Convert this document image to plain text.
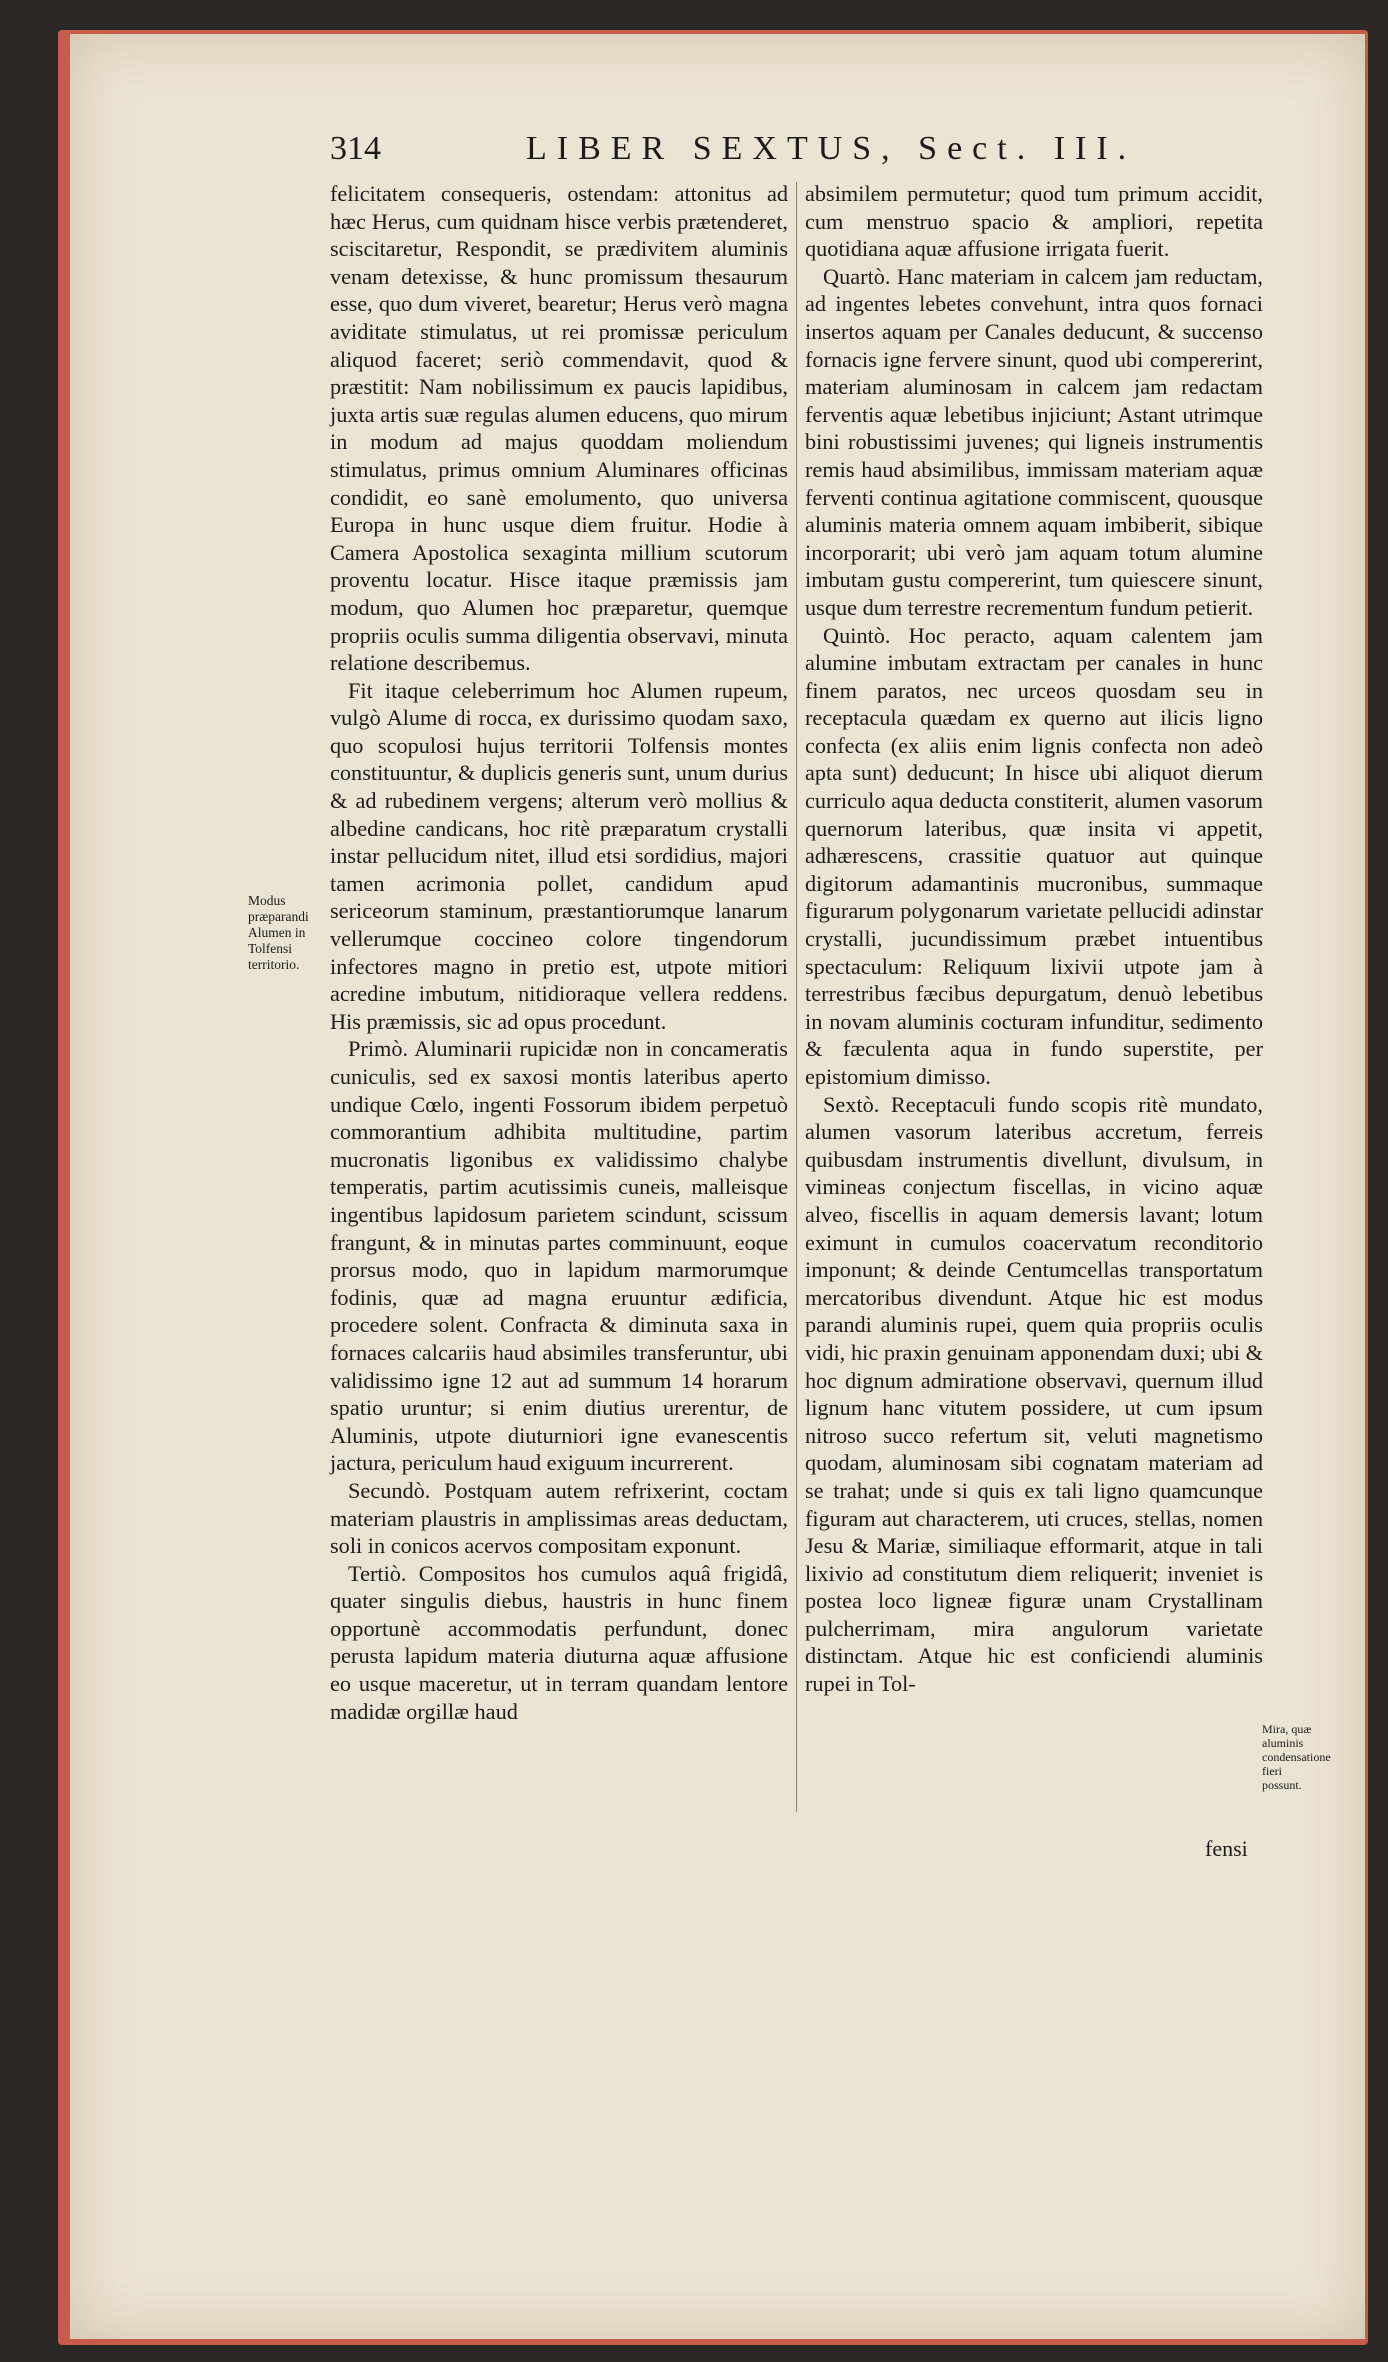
314	LIBER SEXTUS, Sect. III.

felicitatem consequeris, ostendam: attonitus ad hæc Herus, cum quidnam hisce verbis prætenderet, sciscitaretur, Respondit, se prædivitem aluminis venam detexisse, & hunc promissum thesaurum esse, quo dum viveret, bearetur; Herus verò magna aviditate stimulatus, ut rei promissæ periculum aliquod faceret; seriò commendavit, quod & præstitit: Nam nobilissimum ex paucis lapidibus, juxta artis suæ regulas alumen educens, quo mirum in modum ad majus quoddam moliendum stimulatus, primus omnium Aluminares officinas condidit, eo sanè emolumento, quo universa Europa in hunc usque diem fruitur. Hodie à Camera Apostolica sexaginta millium scutorum proventu locatur. Hisce itaque præmissis jam modum, quo Alumen hoc præparetur, quemque propriis oculis summa diligentia observavi, minuta relatione describemus.

Fit itaque celeberrimum hoc Alumen rupeum, vulgò Alume di rocca, ex durissimo quodam saxo, quo scopulosi hujus territorii Tolfensis montes constituuntur, & duplicis generis sunt, unum durius & ad rubedinem vergens; alterum verò mollius & albedine candicans, hoc ritè præparatum crystalli instar pellucidum nitet, illud etsi sordidius, majori tamen acrimonia pollet, candidum apud sericeorum staminum, præstantiorumque lanarum vellerumque coccineo colore tingendorum infectores magno in pretio est, utpote mitiori acredine imbutum, nitidioraque vellera reddens. His præmissis, sic ad opus procedunt.

Primò. Aluminarii rupicidæ non in concameratis cuniculis, sed ex saxosi montis lateribus aperto undique Cœlo, ingenti Fossorum ibidem perpetuò commorantium adhibita multitudine, partim mucronatis ligonibus ex validissimo chalybe temperatis, partim acutissimis cuneis, malleisque ingentibus lapidosum parietem scindunt, scissum frangunt, & in minutas partes comminuunt, eoque prorsus modo, quo in lapidum marmorumque fodinis, quæ ad magna eruuntur ædificia, procedere solent. Confracta & diminuta saxa in fornaces calcariis haud absimiles transferuntur, ubi validissimo igne 12 aut ad summum 14 horarum spatio uruntur; si enim diutius urerentur, de Aluminis, utpote diuturniori igne evanescentis jactura, periculum haud exiguum incurrerent.

Secundò. Postquam autem refrixerint, coctam materiam plaustris in amplissimas areas deductam, soli in conicos acervos compositam exponunt.

Tertiò. Compositos hos cumulos aquâ frigidâ, quater singulis diebus, haustris in hunc finem opportunè accommodatis perfundunt, donec perusta lapidum materia diuturna aquæ affusione eo usque maceretur, ut in terram quandam lentore madidæ orgillæ haud

absimilem permutetur; quod tum primum accidit, cum menstruo spacio & ampliori, repetita quotidiana aquæ affusione irrigata fuerit.

Quartò. Hanc materiam in calcem jam reductam, ad ingentes lebetes convehunt, intra quos fornaci insertos aquam per Canales deducunt, & succenso fornacis igne fervere sinunt, quod ubi compererint, materiam aluminosam in calcem jam redactam ferventis aquæ lebetibus injiciunt; Astant utrimque bini robustissimi juvenes; qui ligneis instrumentis remis haud absimilibus, immissam materiam aquæ ferventi continua agitatione commiscent, quousque aluminis materia omnem aquam imbiberit, sibique incorporarit; ubi verò jam aquam totum alumine imbutam gustu compererint, tum quiescere sinunt, usque dum terrestre recrementum fundum petierit.

Quintò. Hoc peracto, aquam calentem jam alumine imbutam extractam per canales in hunc finem paratos, nec urceos quosdam seu in receptacula quædam ex querno aut ilicis ligno confecta (ex aliis enim lignis confecta non adeò apta sunt) deducunt; In hisce ubi aliquot dierum curriculo aqua deducta constiterit, alumen vasorum quernorum lateribus, quæ insita vi appetit, adhærescens, crassitie quatuor aut quinque digitorum adamantinis mucronibus, summaque figurarum polygonarum varietate pellucidi adinstar crystalli, jucundissimum præbet intuentibus spectaculum: Reliquum lixivii utpote jam à terrestribus fæcibus depurgatum, denuò lebetibus in novam aluminis cocturam infunditur, sedimento & fæculenta aqua in fundo superstite, per epistomium dimisso.

Sextò. Receptaculi fundo scopis ritè mundato, alumen vasorum lateribus accretum, ferreis quibusdam instrumentis divellunt, divulsum, in vimineas conjectum fiscellas, in vicino aquæ alveo, fiscellis in aquam demersis lavant; lotum eximunt in cumulos coacervatum reconditorio imponunt; & deinde Centumcellas transportatum mercatoribus divendunt. Atque hic est modus parandi aluminis rupei, quem quia propriis oculis vidi, hic praxin genuinam apponendam duxi; ubi & hoc dignum admiratione observavi, quernum illud lignum hanc vitutem possidere, ut cum ipsum nitroso succo refertum sit, veluti magnetismo quodam, aluminosam sibi cognatam materiam ad se trahat; unde si quis ex tali ligno quamcunque figuram aut characterem, uti cruces, stellas, nomen Jesu & Mariæ, similiaque efformarit, atque in tali lixivio ad constitutum diem reliquerit; inveniet is postea loco ligneæ figuræ unam Crystallinam pulcherrimam, mira angulorum varietate distinctam. Atque hic est conficiendi aluminis rupei in Tol-

Modus præparandi Alumen in Tolfensi territorio.
Mira, quæ aluminis condensatione fieri possunt.
fensi
